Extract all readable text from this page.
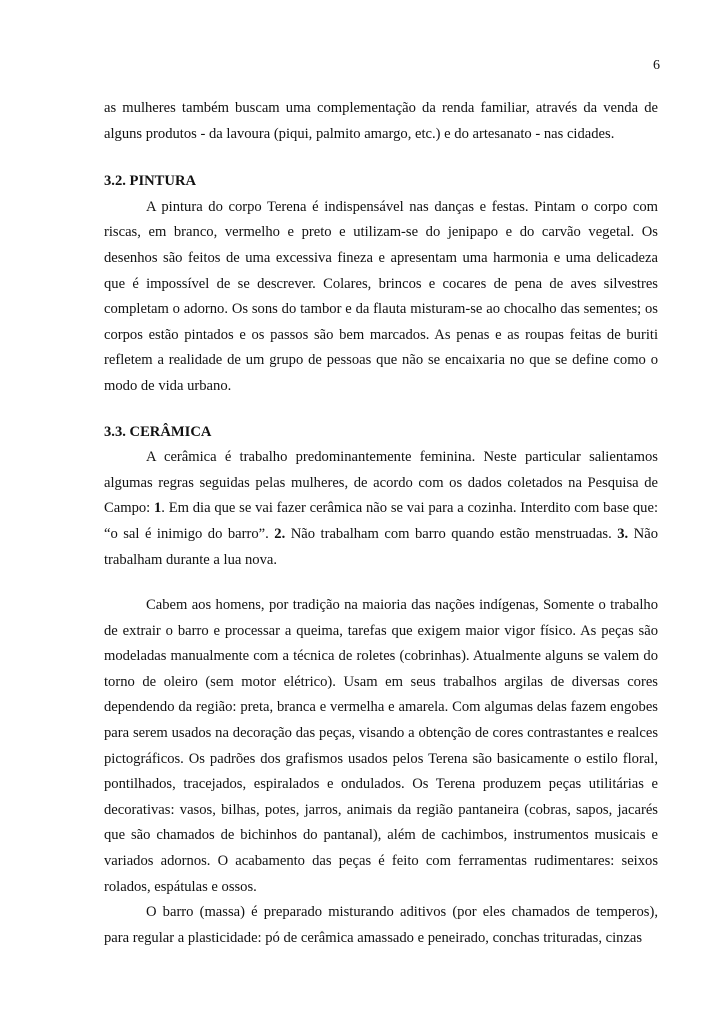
6

as mulheres também buscam uma complementação da renda familiar, através da venda de alguns produtos - da lavoura (piqui, palmito amargo, etc.) e do artesanato - nas cidades.

3.2. PINTURA

A pintura do corpo Terena é indispensável nas danças e festas. Pintam o corpo com riscas, em branco, vermelho e preto e utilizam-se do jenipapo e do carvão vegetal. Os desenhos são feitos de uma excessiva fineza e apresentam uma harmonia e uma delicadeza que é impossível de se descrever. Colares, brincos e cocares de pena de aves silvestres completam o adorno. Os sons do tambor e da flauta misturam-se ao chocalho das sementes; os corpos estão pintados e os passos são bem marcados. As penas e as roupas feitas de buriti refletem a realidade de um grupo de pessoas que não se encaixaria no que se define como o modo de vida urbano.

3.3. CERÂMICA

A cerâmica é trabalho predominantemente feminina. Neste particular salientamos algumas regras seguidas pelas mulheres, de acordo com os dados coletados na Pesquisa de Campo: 1. Em dia que se vai fazer cerâmica não se vai para a cozinha. Interdito com base que: “o sal é inimigo do barro”. 2. Não trabalham com barro quando estão menstruadas. 3. Não trabalham durante a lua nova.

Cabem aos homens, por tradição na maioria das nações indígenas, Somente o trabalho de extrair o barro e processar a queima, tarefas que exigem maior vigor físico. As peças são modeladas manualmente com a técnica de roletes (cobrinhas). Atualmente alguns se valem do torno de oleiro (sem motor elétrico). Usam em seus trabalhos argilas de diversas cores dependendo da região: preta, branca e vermelha e amarela. Com algumas delas fazem engobes para serem usados na decoração das peças, visando a obtenção de cores contrastantes e realces pictográficos. Os padrões dos grafismos usados pelos Terena são basicamente o estilo floral, pontilhados, tracejados, espiralados e ondulados. Os Terena produzem peças utilitárias e decorativas: vasos, bilhas, potes, jarros, animais da região pantaneira (cobras, sapos, jacarés que são chamados de bichinhos do pantanal), além de cachimbos, instrumentos musicais e variados adornos. O acabamento das peças é feito com ferramentas rudimentares: seixos rolados, espátulas e ossos.

O barro (massa) é preparado misturando aditivos (por eles chamados de temperos), para regular a plasticidade: pó de cerâmica amassado e peneirado, conchas trituradas, cinzas
